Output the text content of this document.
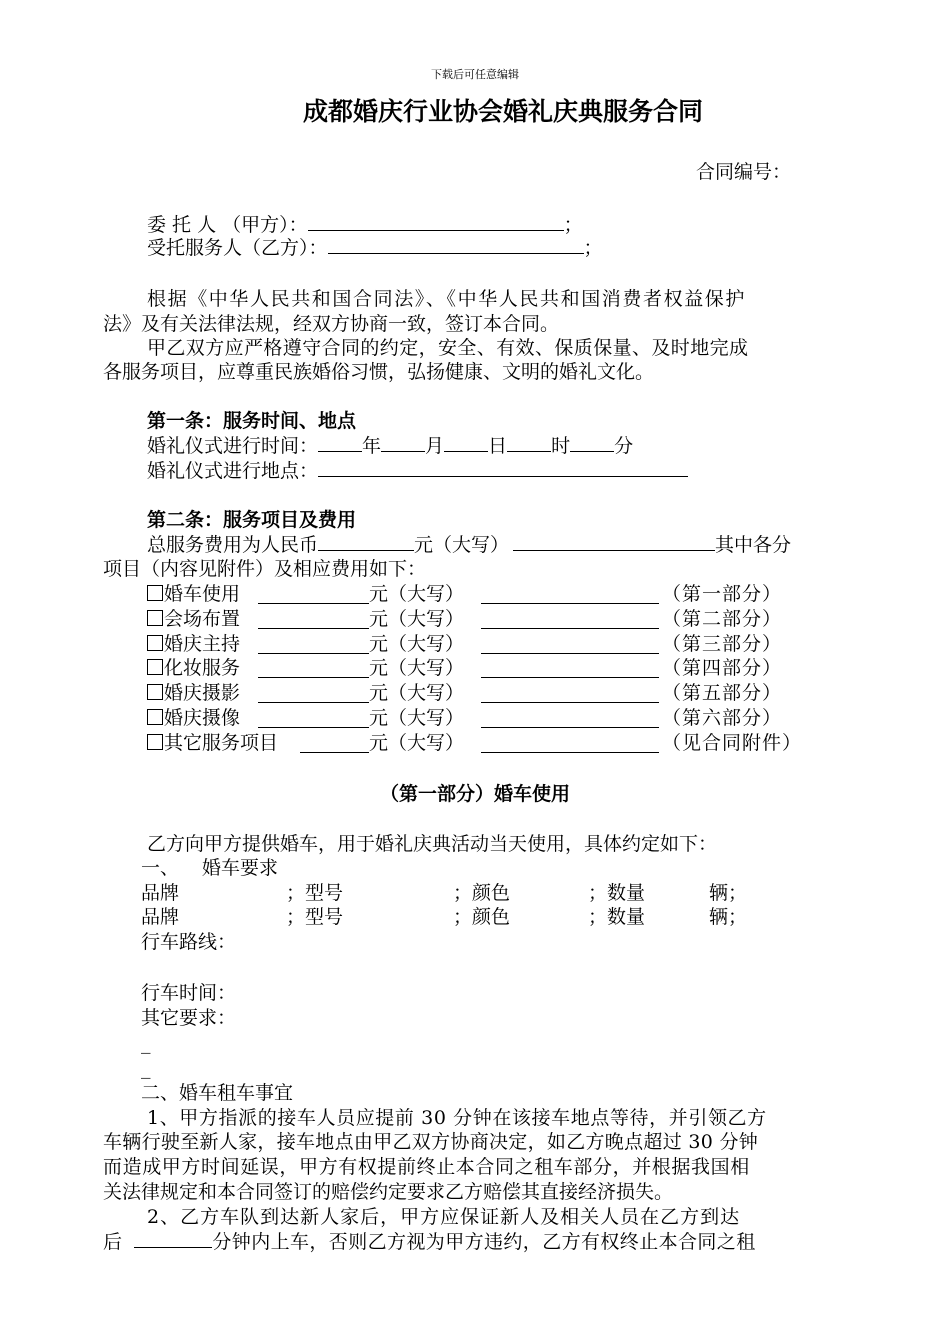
下载后可任意编辑
成都婚庆行业协会婚礼庆典服务合同
合同编号：
委 托 人 （甲方）：	；
受托服务人（乙方）：	；
根据《中华人民共和国合同法》、《中华人民共和国消费者权益保护
法》及有关法律法规，经双方协商一致，签订本合同。
甲乙双方应严格遵守合同的约定，安全、有效、保质保量、及时地完成
各服务项目，应尊重民族婚俗习惯，弘扬健康、文明的婚礼文化。
第一条：服务时间、地点
婚礼仪式进行时间： 年 月 日 时 分
婚礼仪式进行地点：
第二条：服务项目及费用
总服务费用为人民币	元（大写）	其中各分
项目（内容见附件）及相应费用如下：
婚车使用	元（大写）	（第一部分）
会场布置	元（大写）	（第二部分）
婚庆主持	元（大写）	（第三部分）
化妆服务	元（大写）	（第四部分）
婚庆摄影	元（大写）	（第五部分）
婚庆摄像	元（大写）	（第六部分）
其它服务项目	元（大写）	（见合同附件）
（第一部分）婚车使用
乙方向甲方提供婚车，用于婚礼庆典活动当天使用，具体约定如下：
一、 婚车要求
品牌	；型号	；颜色	；数量	辆；
品牌	；型号	；颜色	；数量	辆；
行车路线：
行车时间：
其它要求：
_
_
二、婚车租车事宜
1、甲方指派的接车人员应提前 30 分钟在该接车地点等待，并引领乙方
车辆行驶至新人家，接车地点由甲乙双方协商决定，如乙方晚点超过 30 分钟
而造成甲方时间延误，甲方有权提前终止本合同之租车部分，并根据我国相
关法律规定和本合同签订的赔偿约定要求乙方赔偿其直接经济损失。
2、乙方车队到达新人家后，甲方应保证新人及相关人员在乙方到达
后	分钟内上车，否则乙方视为甲方违约，乙方有权终止本合同之租
